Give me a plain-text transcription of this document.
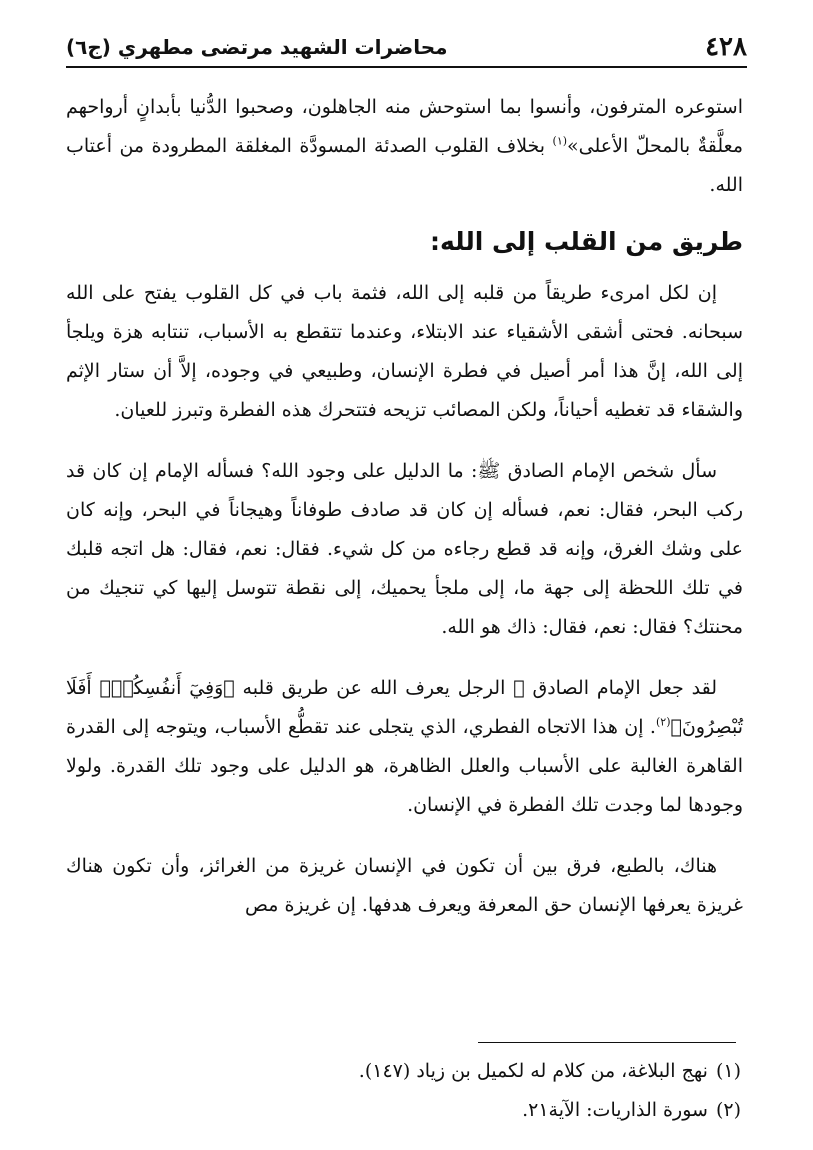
٤٢٨
محاضرات الشهيد مرتضى مطهري (ج٦)

استوعره المترفون، وأنسوا بما استوحش منه الجاهلون، وصحبوا الدُّنيا بأبدانٍ أرواحهم معلَّقةٌ بالمحلّ الأعلى»$^{(١)}$ بخلاف القلوب الصدئة المسودَّة المغلقة المطرودة من أعتاب الله.

طريق من القلب إلى الله:

إن لكل امرىء طريقاً من قلبه إلى الله، فثمة باب في كل القلوب يفتح على الله سبحانه. فحتى أشقى الأشقياء عند الابتلاء، وعندما تتقطع به الأسباب، تنتابه هزة ويلجأ إلى الله، إنَّ هذا أمر أصيل في فطرة الإنسان، وطبيعي في وجوده، إلاَّ أن ستار الإثم والشقاء قد تغطيه أحياناً، ولكن المصائب تزيحه فتتحرك هذه الفطرة وتبرز للعيان.

سأل شخص الإمام الصادق ﷺ: ما الدليل على وجود الله؟ فسأله الإمام إن كان قد ركب البحر، فقال: نعم، فسأله إن كان قد صادف طوفاناً وهيجاناً في البحر، وإنه كان على وشك الغرق، وإنه قد قطع رجاءه من كل شيء. فقال: نعم، فقال: هل اتجه قلبك في تلك اللحظة إلى جهة ما، إلى ملجأ يحميك، إلى نقطة تتوسل إليها كي تنجيك من محنتك؟ فقال: نعم، فقال: ذاك هو الله.

لقد جعل الإمام الصادق ﷺ الرجل يعرف الله عن طريق قلبه ﴿وَفِيٓ أَنفُسِكُمْۚ أَفَلَا تُبْصِرُونَ﴾$^{(٢)}$. إن هذا الاتجاه الفطري، الذي يتجلى عند تقطُّع الأسباب، ويتوجه إلى القدرة القاهرة الغالبة على الأسباب والعلل الظاهرة، هو الدليل على وجود تلك القدرة. ولولا وجودها لما وجدت تلك الفطرة في الإنسان.

هناك، بالطبع، فرق بين أن تكون في الإنسان غريزة من الغرائز، وأن تكون هناك غريزة يعرفها الإنسان حق المعرفة ويعرف هدفها. إن غريزة مص

(١)نهج البلاغة، من كلام له لكميل بن زياد (١٤٧).

(٢)سورة الذاريات: الآية٢١.
